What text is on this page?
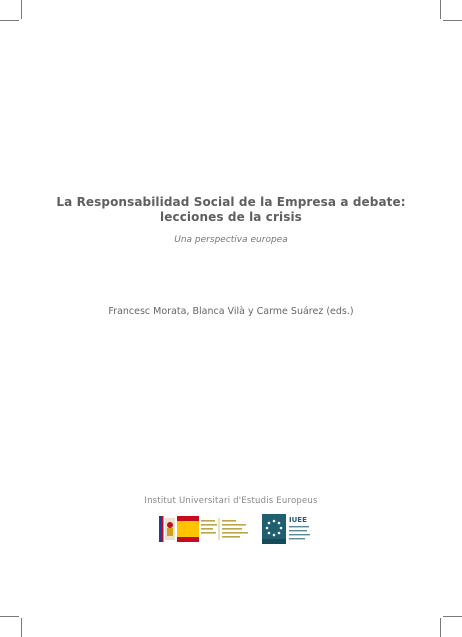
La Responsabilidad Social de la Empresa a debate:
lecciones de la crisis
Una perspectiva europea
Francesc Morata, Blanca Vilà y Carme Suárez (eds.)
Institut Universitari d'Estudis Europeus
IUEE
